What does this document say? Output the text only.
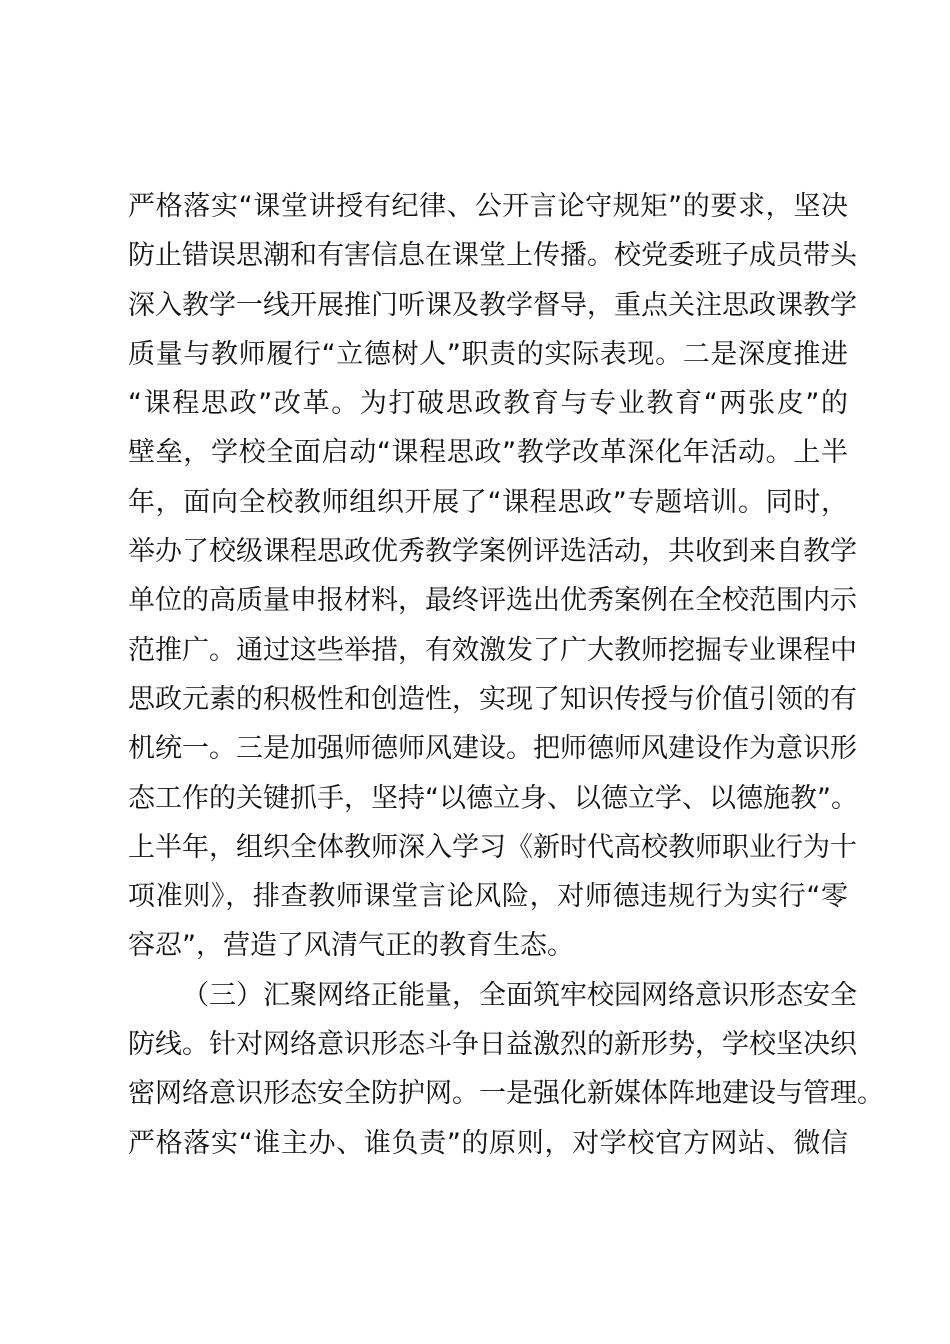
严格落实“课堂讲授有纪律、公开言论守规矩”的要求，坚决
防止错误思潮和有害信息在课堂上传播。校党委班子成员带头
深入教学一线开展推门听课及教学督导，重点关注思政课教学
质量与教师履行“立德树人”职责的实际表现。二是深度推进
“课程思政”改革。为打破思政教育与专业教育“两张皮”的
壁垒，学校全面启动“课程思政”教学改革深化年活动。上半
年，面向全校教师组织开展了“课程思政”专题培训。同时，
举办了校级课程思政优秀教学案例评选活动，共收到来自教学
单位的高质量申报材料，最终评选出优秀案例在全校范围内示
范推广。通过这些举措，有效激发了广大教师挖掘专业课程中
思政元素的积极性和创造性，实现了知识传授与价值引领的有
机统一。三是加强师德师风建设。把师德师风建设作为意识形
态工作的关键抓手，坚持“以德立身、以德立学、以德施教”。
上半年，组织全体教师深入学习《新时代高校教师职业行为十
项准则》，排查教师课堂言论风险，对师德违规行为实行“零
容忍”，营造了风清气正的教育生态。
（三）汇聚网络正能量，全面筑牢校园网络意识形态安全
防线。针对网络意识形态斗争日益激烈的新形势，学校坚决织
密网络意识形态安全防护网。一是强化新媒体阵地建设与管理。
严格落实“谁主办、谁负责”的原则，对学校官方网站、微信
